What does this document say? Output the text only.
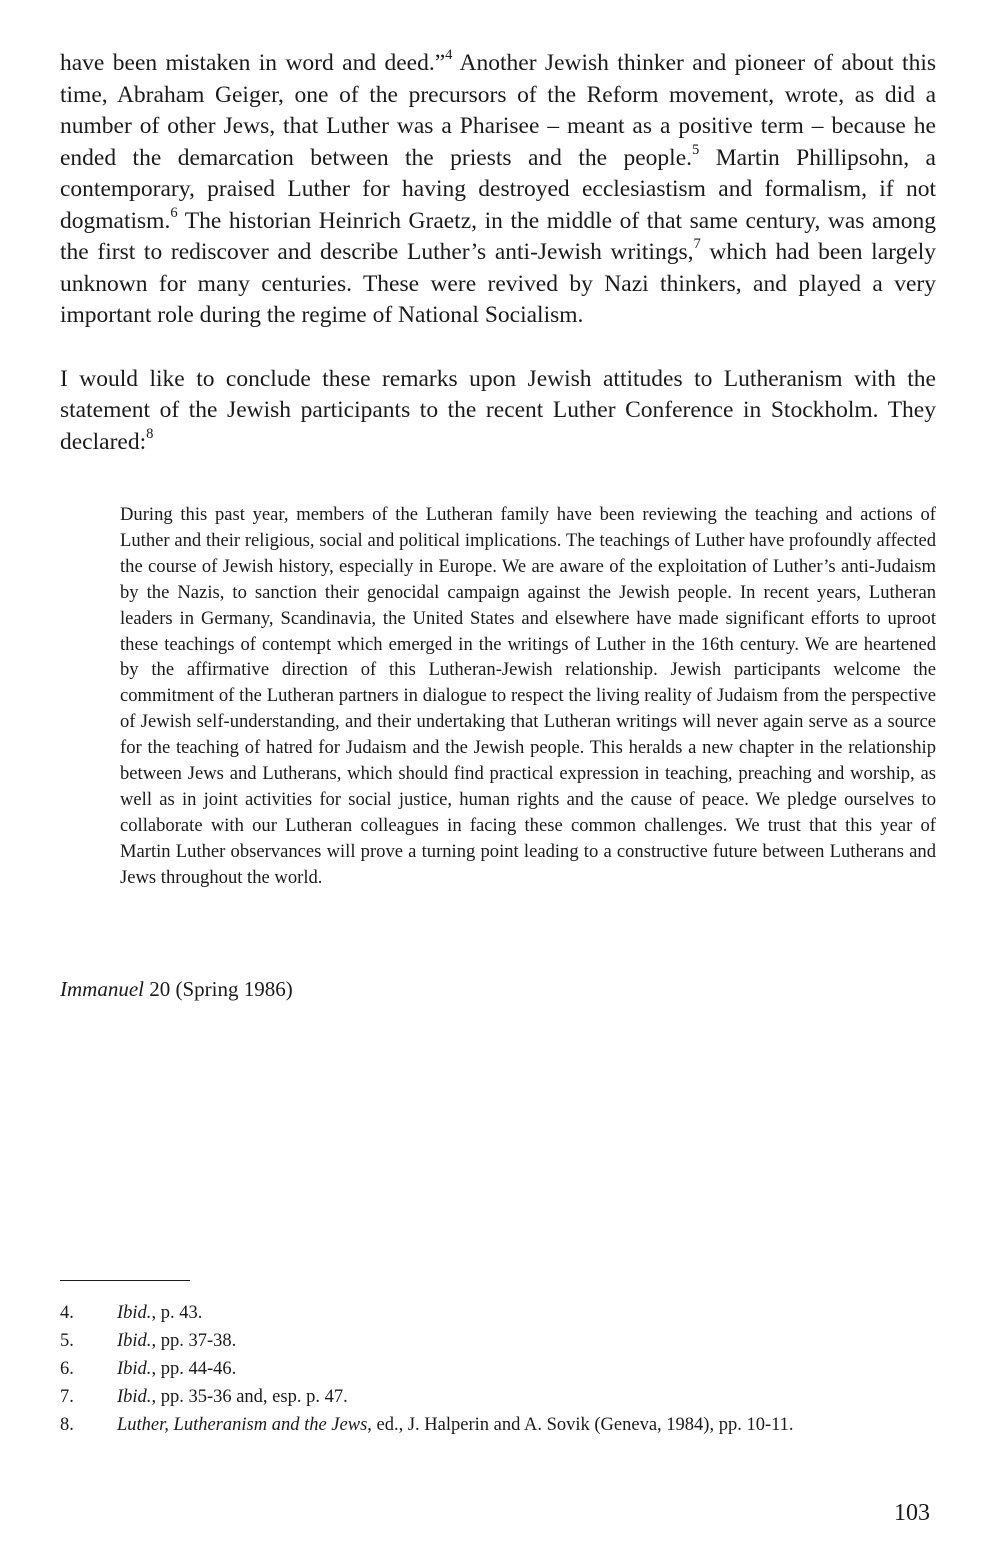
have been mistaken in word and deed.”$^4$ Another Jewish thinker and pioneer of about this time, Abraham Geiger, one of the precursors of the Reform movement, wrote, as did a number of other Jews, that Luther was a Pharisee – meant as a positive term – because he ended the demarcation between the priests and the people.$^5$ Martin Phillipsohn, a contemporary, praised Luther for having destroyed ecclesiastism and formalism, if not dogmatism.$^6$ The historian Heinrich Graetz, in the middle of that same century, was among the first to rediscover and describe Luther’s anti-Jewish writings,$^7$ which had been largely unknown for many centuries. These were revived by Nazi thinkers, and played a very important role during the regime of National Socialism.

I would like to conclude these remarks upon Jewish attitudes to Lutheranism with the statement of the Jewish participants to the recent Luther Conference in Stockholm. They declared:$^8$

During this past year, members of the Lutheran family have been reviewing the teaching and actions of Luther and their religious, social and political implications. The teachings of Luther have profoundly affected the course of Jewish history, especially in Europe. We are aware of the exploitation of Luther’s anti-Judaism by the Nazis, to sanction their genocidal campaign against the Jewish people. In recent years, Lutheran leaders in Germany, Scandinavia, the United States and elsewhere have made significant efforts to uproot these teachings of contempt which emerged in the writings of Luther in the 16th century. We are heartened by the affirmative direction of this Lutheran-Jewish relationship. Jewish participants welcome the commitment of the Lutheran partners in dialogue to respect the living reality of Judaism from the perspective of Jewish self-understanding, and their undertaking that Lutheran writings will never again serve as a source for the teaching of hatred for Judaism and the Jewish people. This heralds a new chapter in the relationship between Jews and Lutherans, which should find practical expression in teaching, preaching and worship, as well as in joint activities for social justice, human rights and the cause of peace. We pledge ourselves to collaborate with our Lutheran colleagues in facing these common challenges. We trust that this year of Martin Luther observances will prove a turning point leading to a constructive future between Lutherans and Jews throughout the world.

Immanuel 20 (Spring 1986)
4.	Ibid., p. 43.
5.	Ibid., pp. 37-38.
6.	Ibid., pp. 44-46.
7.	Ibid., pp. 35-36 and, esp. p. 47.
8. Luther, Lutheranism and the Jews, ed., J. Halperin and A. Sovik (Geneva, 1984), pp. 10-11.
103
